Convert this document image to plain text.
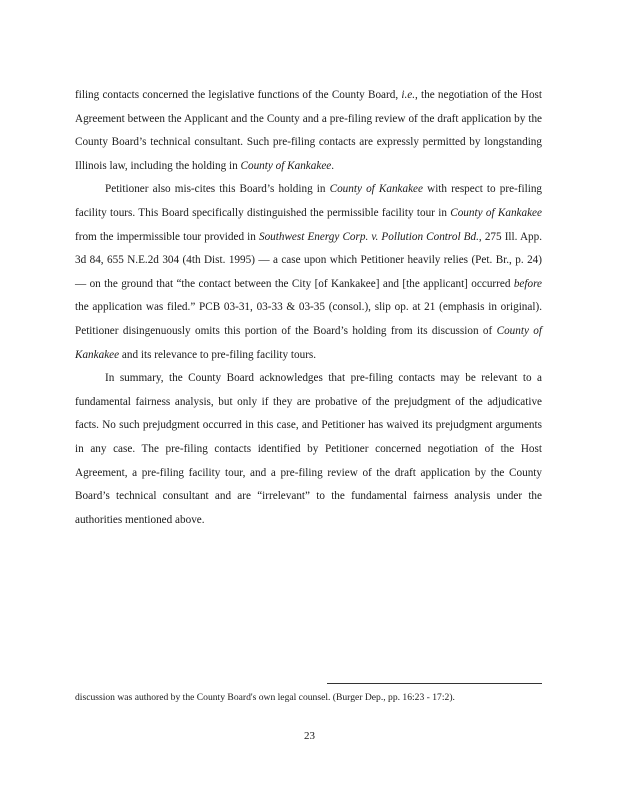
filing contacts concerned the legislative functions of the County Board, i.e., the negotiation of the Host Agreement between the Applicant and the County and a pre-filing review of the draft application by the County Board’s technical consultant. Such pre-filing contacts are expressly permitted by longstanding Illinois law, including the holding in County of Kankakee.

Petitioner also mis-cites this Board’s holding in County of Kankakee with respect to pre-filing facility tours. This Board specifically distinguished the permissible facility tour in County of Kankakee from the impermissible tour provided in Southwest Energy Corp. v. Pollution Control Bd., 275 Ill. App. 3d 84, 655 N.E.2d 304 (4th Dist. 1995) — a case upon which Petitioner heavily relies (Pet. Br., p. 24) — on the ground that “the contact between the City [of Kankakee] and [the applicant] occurred before the application was filed.” PCB 03-31, 03-33 & 03-35 (consol.), slip op. at 21 (emphasis in original). Petitioner disingenuously omits this portion of the Board’s holding from its discussion of County of Kankakee and its relevance to pre-filing facility tours.

In summary, the County Board acknowledges that pre-filing contacts may be relevant to a fundamental fairness analysis, but only if they are probative of the prejudgment of the adjudicative facts. No such prejudgment occurred in this case, and Petitioner has waived its prejudgment arguments in any case. The pre-filing contacts identified by Petitioner concerned negotiation of the Host Agreement, a pre-filing facility tour, and a pre-filing review of the draft application by the County Board’s technical consultant and are “irrelevant” to the fundamental fairness analysis under the authorities mentioned above.

discussion was authored by the County Board's own legal counsel. (Burger Dep., pp. 16:23 - 17:2).

23
